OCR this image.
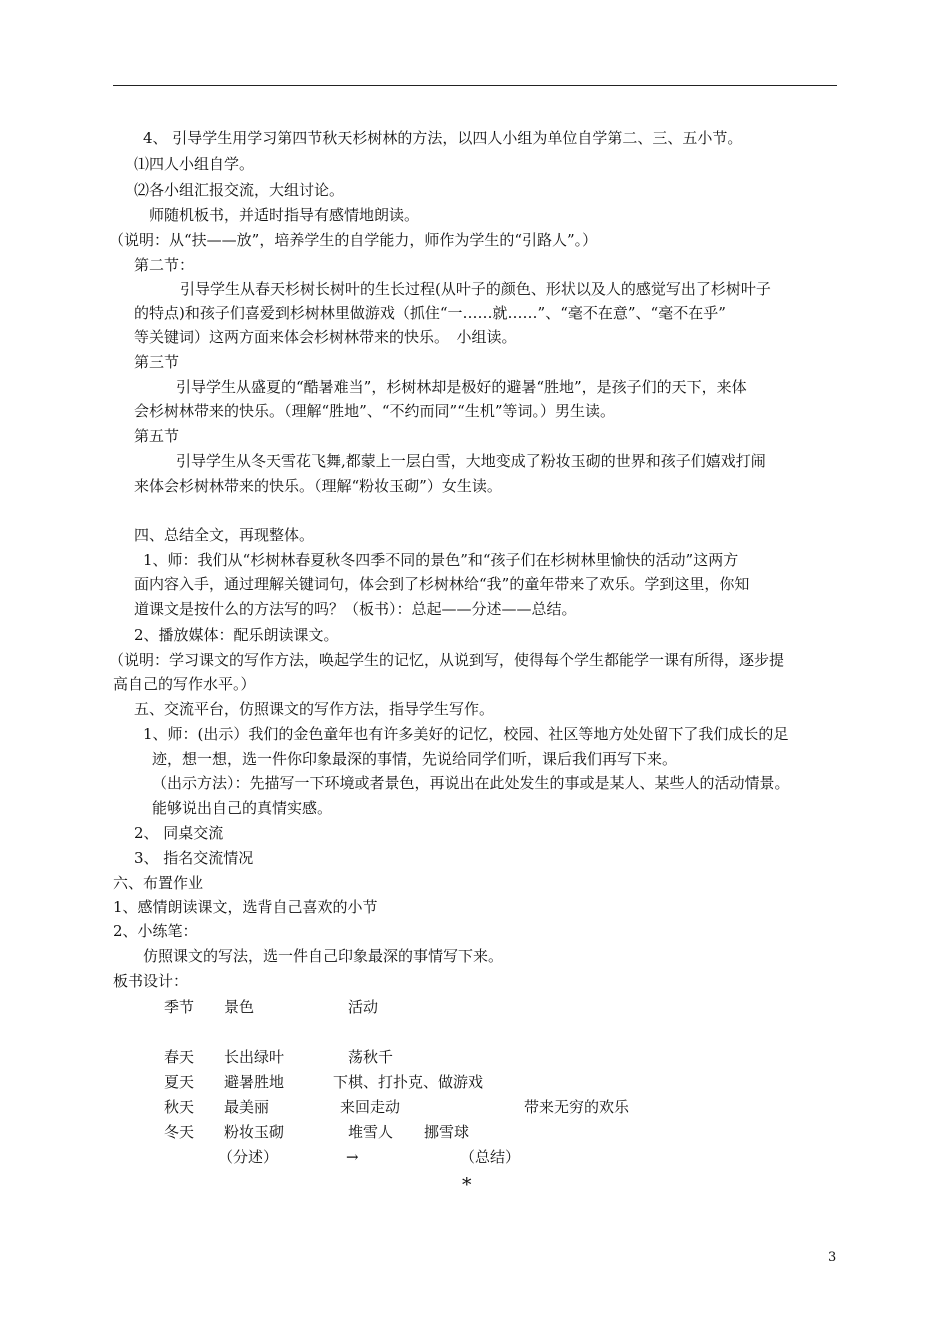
4、 引导学生用学习第四节秋天杉树林的方法，以四人小组为单位自学第二、三、五小节。
⑴四人小组自学。
⑵各小组汇报交流，大组讨论。
师随机板书，并适时指导有感情地朗读。
（说明：从“扶——放”，培养学生的自学能力，师作为学生的“引路人”。）
第二节：
引导学生从春天杉树长树叶的生长过程(从叶子的颜色、形状以及人的感觉写出了杉树叶子
的特点)和孩子们喜爱到杉树林里做游戏（抓住“一……就……”、“毫不在意”、“毫不在乎”
等关键词）这两方面来体会杉树林带来的快乐。　小组读。
第三节
引导学生从盛夏的“酷暑难当”，杉树林却是极好的避暑“胜地”，是孩子们的天下，来体
会杉树林带来的快乐。（理解“胜地”、“不约而同”“生机”等词。）男生读。
第五节
引导学生从冬天雪花飞舞,都蒙上一层白雪，大地变成了粉妆玉砌的世界和孩子们嬉戏打闹
来体会杉树林带来的快乐。（理解“粉妆玉砌”）女生读。
四、总结全文，再现整体。
1、师：我们从“杉树林春夏秋冬四季不同的景色”和“孩子们在杉树林里愉快的活动”这两方
面内容入手，通过理解关键词句，体会到了杉树林给“我”的童年带来了欢乐。学到这里，你知
道课文是按什么的方法写的吗？（板书）：总起——分述——总结。
2、播放媒体：配乐朗读课文。
（说明：学习课文的写作方法，唤起学生的记忆，从说到写，使得每个学生都能学一课有所得，逐步提
高自己的写作水平。）
五、交流平台，仿照课文的写作方法，指导学生写作。
1、师：(出示）我们的金色童年也有许多美好的记忆，校园、社区等地方处处留下了我们成长的足
迹，想一想，选一件你印象最深的事情，先说给同学们听，课后我们再写下来。
（出示方法）：先描写一下环境或者景色，再说出在此处发生的事或是某人、某些人的活动情景。
能够说出自己的真情实感。
2、 同桌交流
3、 指名交流情况
六、布置作业
1、感情朗读课文，选背自己喜欢的小节
2、小练笔：
仿照课文的写法，选一件自己印象最深的事情写下来。
板书设计：
季节 景色	活动
春天 长出绿叶	荡秋千
夏天 避暑胜地	下棋、打扑克、做游戏
秋天 最美丽	来回走动	带来无穷的欢乐
冬天 粉妆玉砌	堆雪人 挪雪球
（分述）	→	（总结）
*
3
